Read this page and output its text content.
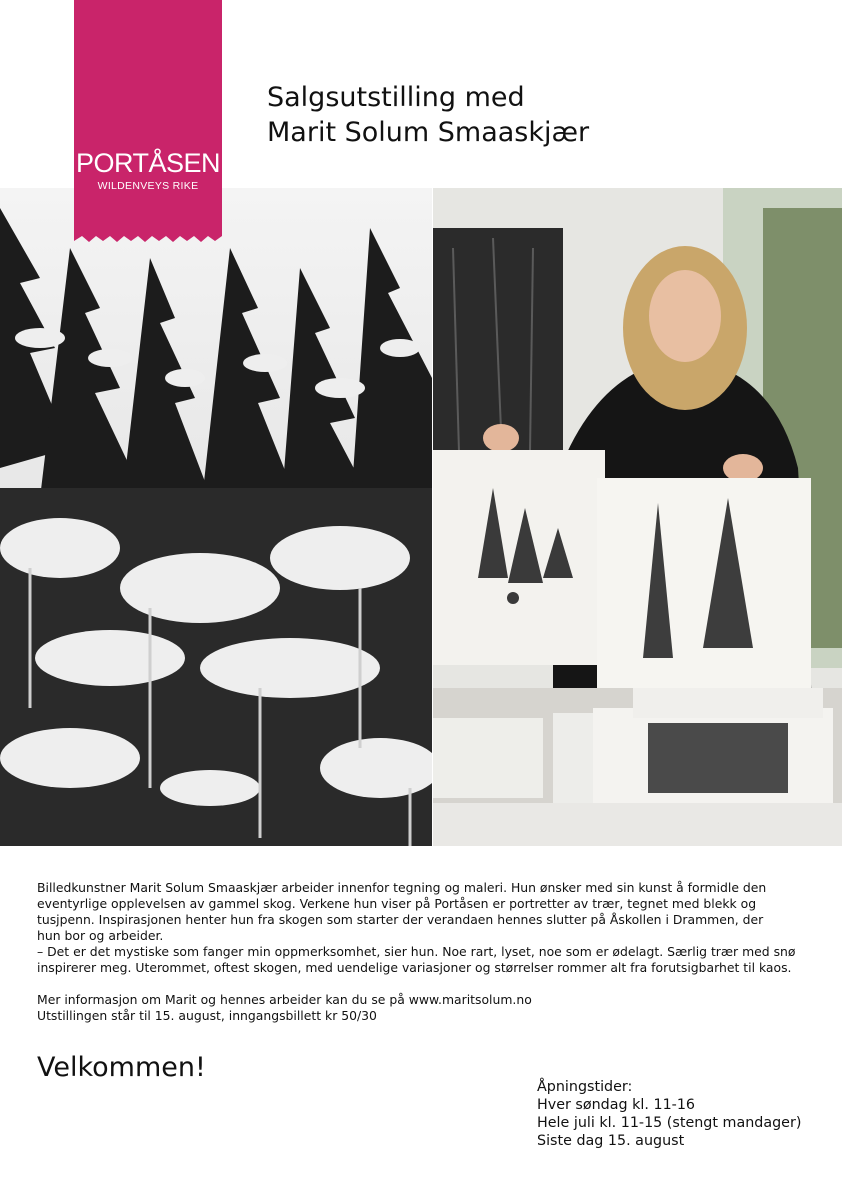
Salgsutstilling med
Marit Solum Smaaskjær
PORTÅSEN
WILDENVEYS RIKE

Billedkunstner Marit Solum Smaaskjær arbeider innenfor tegning og maleri. Hun ønsker med sin kunst å formidle den

eventyrlige opplevelsen av gammel skog. Verkene hun viser på Portåsen er portretter av trær, tegnet med blekk og

tusjpenn. Inspirasjonen henter hun fra skogen som starter der verandaen hennes slutter på Åskollen i Drammen, der

hun bor og arbeider.

– Det er det mystiske som fanger min oppmerksomhet, sier hun. Noe rart, lyset, noe som er ødelagt. Særlig trær med snø

inspirerer meg. Uterommet, oftest skogen, med uendelige variasjoner og størrelser rommer alt fra forutsigbarhet til kaos.

Mer informasjon om Marit og hennes arbeider kan du se på www.maritsolum.no

Utstillingen står til 15. august, inngangsbillett kr 50/30

Velkommen!
Åpningstider:
Hver søndag kl. 11-16
Hele juli kl. 11-15 (stengt mandager)
Siste dag 15. august
